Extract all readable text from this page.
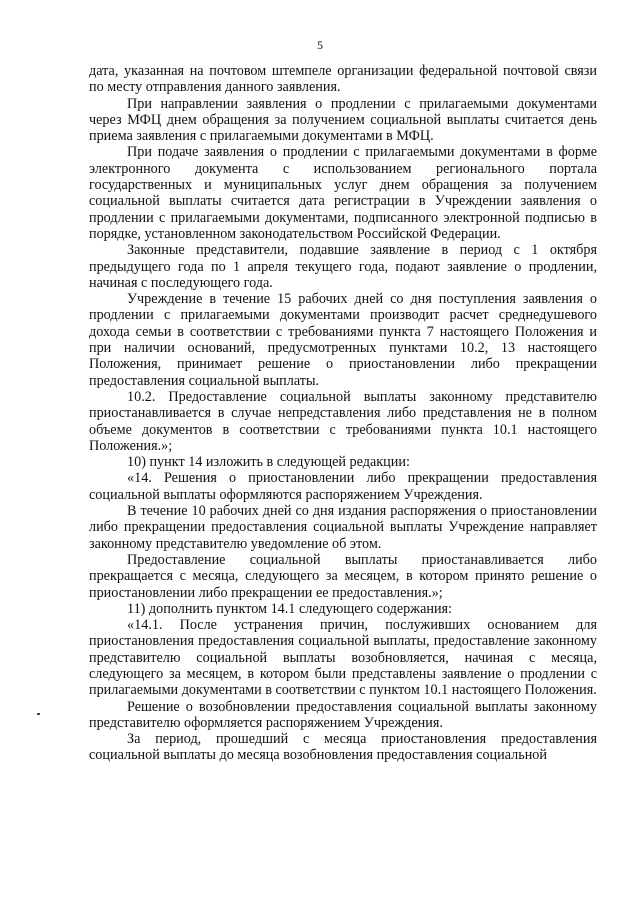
5

дата, указанная на почтовом штемпеле организации федеральной почтовой связи по месту отправления данного заявления.

При направлении заявления о продлении с прилагаемыми документами через МФЦ днем обращения за получением социальной выплаты считается день приема заявления с прилагаемыми документами в МФЦ.

При подаче заявления о продлении с прилагаемыми документами в форме электронного документа с использованием регионального портала государственных и муниципальных услуг днем обращения за получением социальной выплаты считается дата регистрации в Учреждении заявления о продлении с прилагаемыми документами, подписанного электронной подписью в порядке, установленном законодательством Российской Федерации.

Законные представители, подавшие заявление в период с 1 октября предыдущего года по 1 апреля текущего года, подают заявление о продлении, начиная с последующего года.

Учреждение в течение 15 рабочих дней со дня поступления заявления о продлении с прилагаемыми документами производит расчет среднедушевого дохода семьи в соответствии с требованиями пункта 7 настоящего Положения и при наличии оснований, предусмотренных пунктами 10.2, 13 настоящего Положения, принимает решение о приостановлении либо прекращении предоставления социальной выплаты.

10.2. Предоставление социальной выплаты законному представителю приостанавливается в случае непредставления либо представления не в полном объеме документов в соответствии с требованиями пункта 10.1 настоящего Положения.»;

10) пункт 14 изложить в следующей редакции:

«14. Решения о приостановлении либо прекращении предоставления социальной выплаты оформляются распоряжением Учреждения.

В течение 10 рабочих дней со дня издания распоряжения о приостановлении либо прекращении предоставления социальной выплаты Учреждение направляет законному представителю уведомление об этом.

Предоставление социальной выплаты приостанавливается либо прекращается с месяца, следующего за месяцем, в котором принято решение о приостановлении либо прекращении ее предоставления.»;

11) дополнить пунктом 14.1 следующего содержания:

«14.1. После устранения причин, послуживших основанием для приостановления предоставления социальной выплаты, предоставление законному представителю социальной выплаты возобновляется, начиная с месяца, следующего за месяцем, в котором были представлены заявление о продлении с прилагаемыми документами в соответствии с пунктом 10.1 настоящего Положения.

Решение о возобновлении предоставления социальной выплаты законному представителю оформляется распоряжением Учреждения.

За период, прошедший с месяца приостановления предоставления социальной выплаты до месяца возобновления предоставления социальной
